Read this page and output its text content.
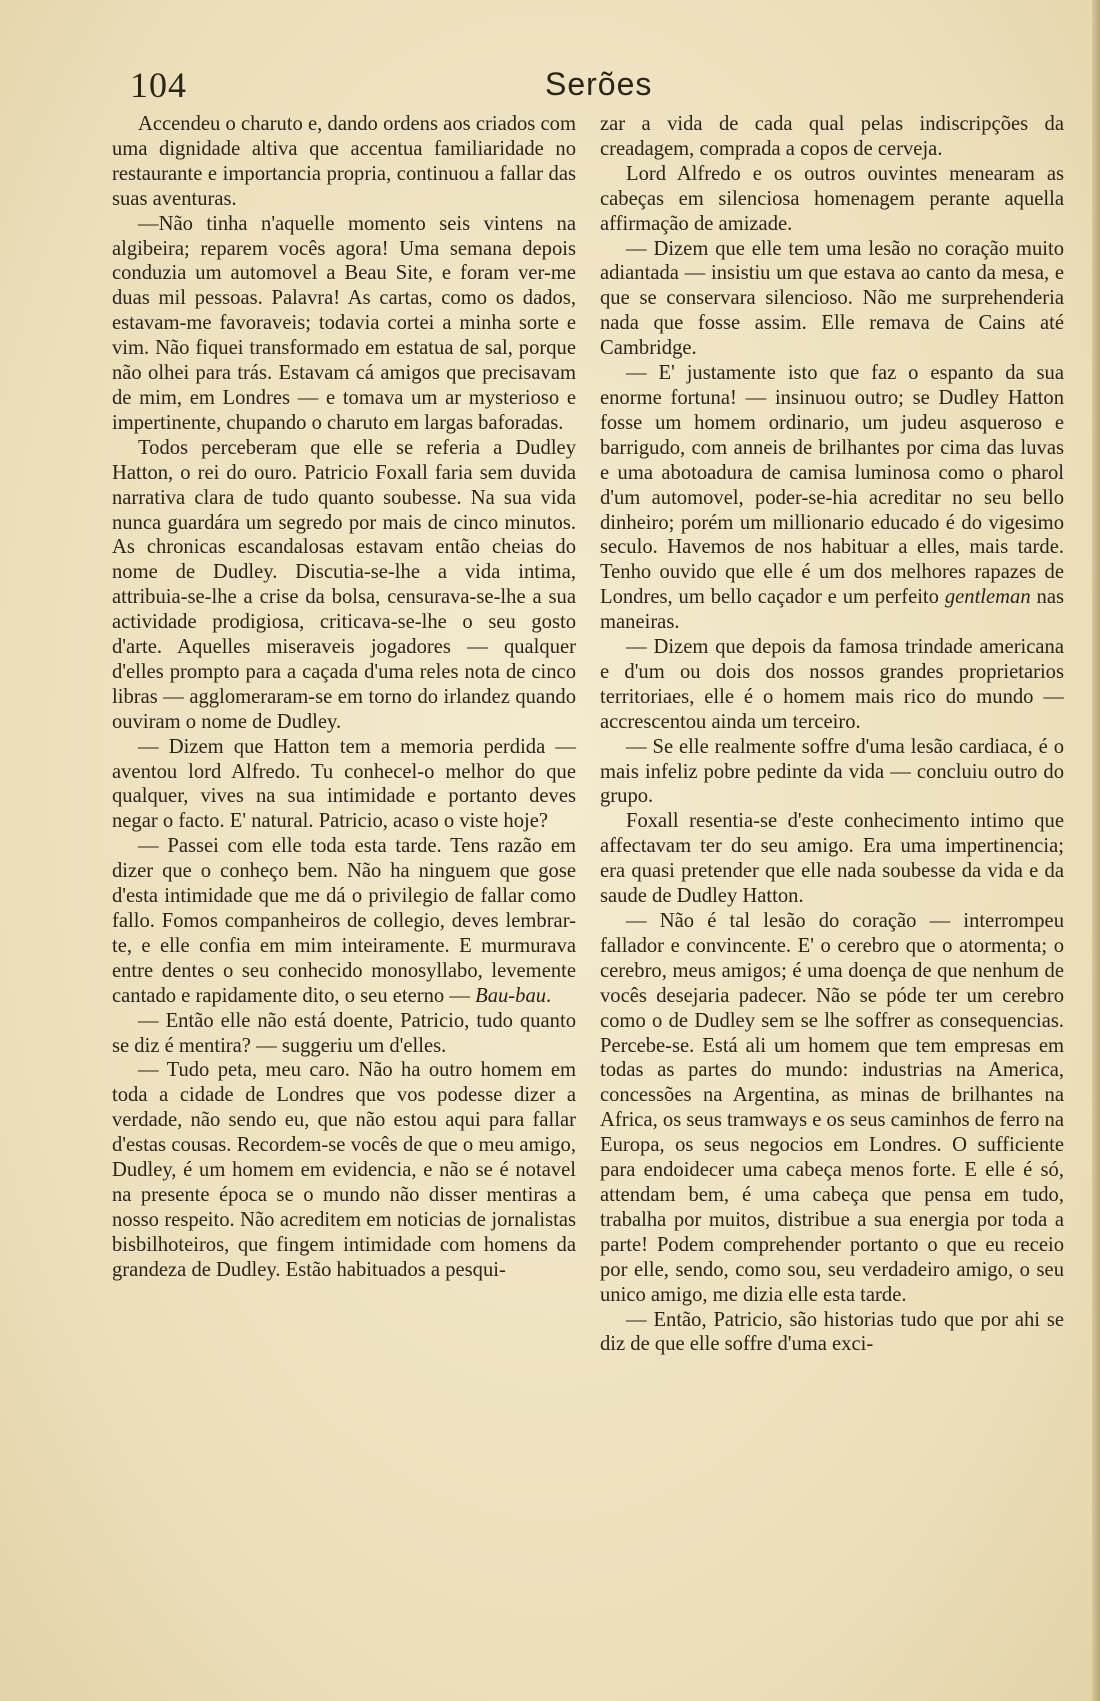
104	Serões

Accendeu o charuto e, dando ordens aos criados com uma dignidade altiva que accentua familiaridade no restaurante e importancia propria, continuou a fallar das suas aventuras.

—Não tinha n'aquelle momento seis vintens na algibeira; reparem vocês agora! Uma semana depois conduzia um automovel a Beau Site, e foram ver-me duas mil pessoas. Palavra! As cartas, como os dados, estavam-me favoraveis; todavia cortei a minha sorte e vim. Não fiquei transformado em estatua de sal, porque não olhei para trás. Estavam cá amigos que precisavam de mim, em Londres — e tomava um ar mysterioso e impertinente, chupando o charuto em largas baforadas.

Todos perceberam que elle se referia a Dudley Hatton, o rei do ouro. Patricio Foxall faria sem duvida narrativa clara de tudo quanto soubesse. Na sua vida nunca guardára um segredo por mais de cinco minutos. As chronicas escandalosas estavam então cheias do nome de Dudley. Discutia-se-lhe a vida intima, attribuia-se-lhe a crise da bolsa, censurava-se-lhe a sua actividade prodigiosa, criticava-se-lhe o seu gosto d'arte. Aquelles miseraveis jogadores — qualquer d'elles prompto para a caçada d'uma reles nota de cinco libras — agglomeraram-se em torno do irlandez quando ouviram o nome de Dudley.

— Dizem que Hatton tem a memoria perdida — aventou lord Alfredo. Tu conhecel-o melhor do que qualquer, vives na sua intimidade e portanto deves negar o facto. E' natural. Patricio, acaso o viste hoje?

— Passei com elle toda esta tarde. Tens razão em dizer que o conheço bem. Não ha ninguem que gose d'esta intimidade que me dá o privilegio de fallar como fallo. Fomos companheiros de collegio, deves lembrar-te, e elle confia em mim inteiramente. E murmurava entre dentes o seu conhecido monosyllabo, levemente cantado e rapidamente dito, o seu eterno — Bau-bau.

— Então elle não está doente, Patricio, tudo quanto se diz é mentira? — suggeriu um d'elles.

— Tudo peta, meu caro. Não ha outro homem em toda a cidade de Londres que vos podesse dizer a verdade, não sendo eu, que não estou aqui para fallar d'estas cousas. Recordem-se vocês de que o meu amigo, Dudley, é um homem em evidencia, e não se é notavel na presente época se o mundo não disser mentiras a nosso respeito. Não acreditem em noticias de jornalistas bisbilhoteiros, que fingem intimidade com homens da grandeza de Dudley. Estão habituados a pesqui-

zar a vida de cada qual pelas indiscripções da creadagem, comprada a copos de cerveja.

Lord Alfredo e os outros ouvintes menearam as cabeças em silenciosa homenagem perante aquella affirmação de amizade.

— Dizem que elle tem uma lesão no coração muito adiantada — insistiu um que estava ao canto da mesa, e que se conservara silencioso. Não me surprehenderia nada que fosse assim. Elle remava de Cains até Cambridge.

— E' justamente isto que faz o espanto da sua enorme fortuna! — insinuou outro; se Dudley Hatton fosse um homem ordinario, um judeu asqueroso e barrigudo, com anneis de brilhantes por cima das luvas e uma abotoadura de camisa luminosa como o pharol d'um automovel, poder-se-hia acreditar no seu bello dinheiro; porém um millionario educado é do vigesimo seculo. Havemos de nos habituar a elles, mais tarde. Tenho ouvido que elle é um dos melhores rapazes de Londres, um bello caçador e um perfeito gentleman nas maneiras.

— Dizem que depois da famosa trindade americana e d'um ou dois dos nossos grandes proprietarios territoriaes, elle é o homem mais rico do mundo — accrescentou ainda um terceiro.

— Se elle realmente soffre d'uma lesão cardiaca, é o mais infeliz pobre pedinte da vida — concluiu outro do grupo.

Foxall resentia-se d'este conhecimento intimo que affectavam ter do seu amigo. Era uma impertinencia; era quasi pretender que elle nada soubesse da vida e da saude de Dudley Hatton.

— Não é tal lesão do coração — interrompeu fallador e convincente. E' o cerebro que o atormenta; o cerebro, meus amigos; é uma doença de que nenhum de vocês desejaria padecer. Não se póde ter um cerebro como o de Dudley sem se lhe soffrer as consequencias. Percebe-se. Está ali um homem que tem empresas em todas as partes do mundo: industrias na America, concessões na Argentina, as minas de brilhantes na Africa, os seus tramways e os seus caminhos de ferro na Europa, os seus negocios em Londres. O sufficiente para endoidecer uma cabeça menos forte. E elle é só, attendam bem, é uma cabeça que pensa em tudo, trabalha por muitos, distribue a sua energia por toda a parte! Podem comprehender portanto o que eu receio por elle, sendo, como sou, seu verdadeiro amigo, o seu unico amigo, me dizia elle esta tarde.

— Então, Patricio, são historias tudo que por ahi se diz de que elle soffre d'uma exci-
